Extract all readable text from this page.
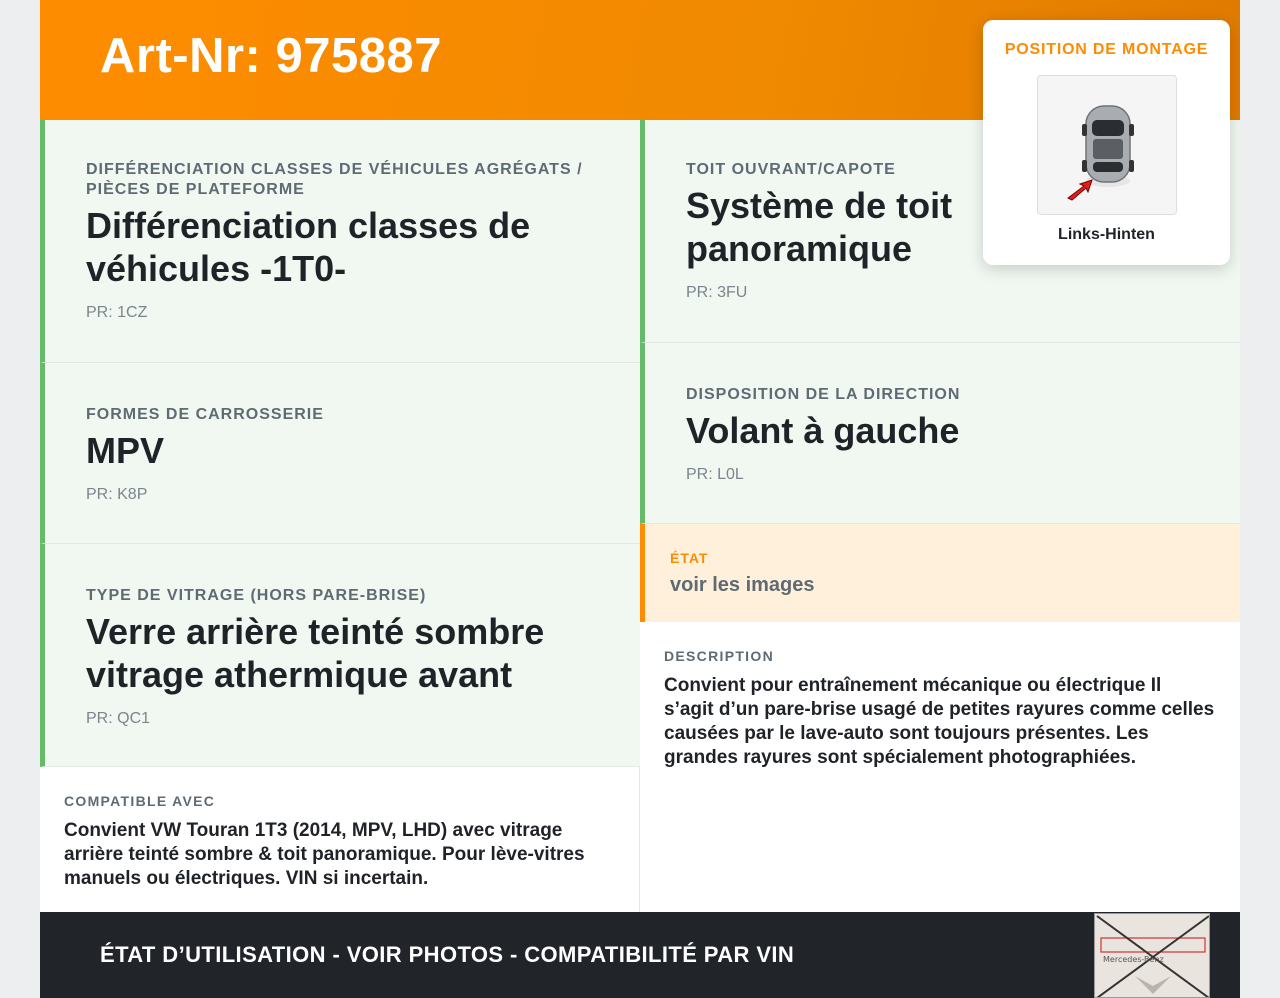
Art-Nr: 975887
DIFFÉRENCIATION CLASSES DE VÉHICULES AGRÉGATS / PIÈCES DE PLATEFORME
Différenciation classes de véhicules -1T0-
PR: 1CZ
FORMES DE CARROSSERIE
MPV
PR: K8P
TYPE DE VITRAGE (HORS PARE-BRISE)
Verre arrière teinté sombre vitrage athermique avant
PR: QC1
TOIT OUVRANT/CAPOTE
Système de toit panoramique
PR: 3FU
DISPOSITION DE LA DIRECTION
Volant à gauche
PR: L0L
ÉTAT
voir les images
DESCRIPTION
Convient pour entraînement mécanique ou électrique Il s’agit d’un pare-brise usagé de petites rayures comme celles causées par le lave-auto sont toujours présentes. Les grandes rayures sont spécialement photographiées.
COMPATIBLE AVEC
Convient VW Touran 1T3 (2014, MPV, LHD) avec vitrage arrière teinté sombre & toit panoramique. Pour lève-vitres manuels ou électriques. VIN si incertain.
ÉTAT D’UTILISATION - VOIR PHOTOS - COMPATIBILITÉ PAR VIN	Mercedes-Benz
POSITION DE MONTAGE
Links-Hinten
